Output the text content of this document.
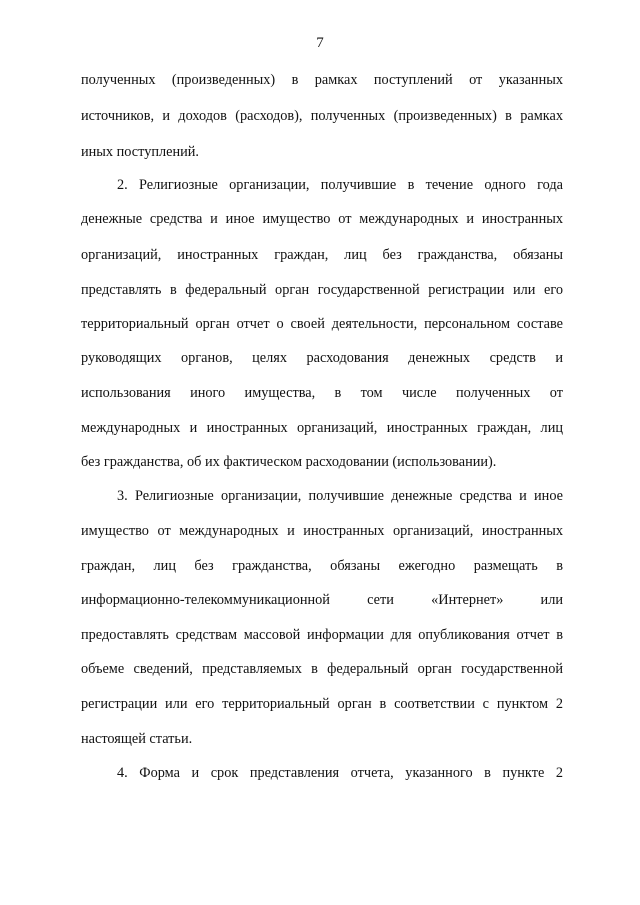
7
полученных (произведенных) в рамках поступлений от указанных
источников, и доходов (расходов), полученных (произведенных) в рамках
иных поступлений.
2. Религиозные организации, получившие в течение одного года
денежные средства и иное имущество от международных и иностранных
организаций, иностранных граждан, лиц без гражданства, обязаны
представлять в федеральный орган государственной регистрации или его
территориальный орган отчет о своей деятельности, персональном составе
руководящих органов, целях расходования денежных средств и
использования иного имущества, в том числе полученных от
международных и иностранных организаций, иностранных граждан, лиц
без гражданства, об их фактическом расходовании (использовании).
3. Религиозные организации, получившие денежные средства и иное
имущество от международных и иностранных организаций, иностранных
граждан, лиц без гражданства, обязаны ежегодно размещать в
информационно-телекоммуникационной сети «Интернет» или
предоставлять средствам массовой информации для опубликования отчет в
объеме сведений, представляемых в федеральный орган государственной
регистрации или его территориальный орган в соответствии с пунктом 2
настоящей статьи.
4. Форма и срок представления отчета, указанного в пункте 2
